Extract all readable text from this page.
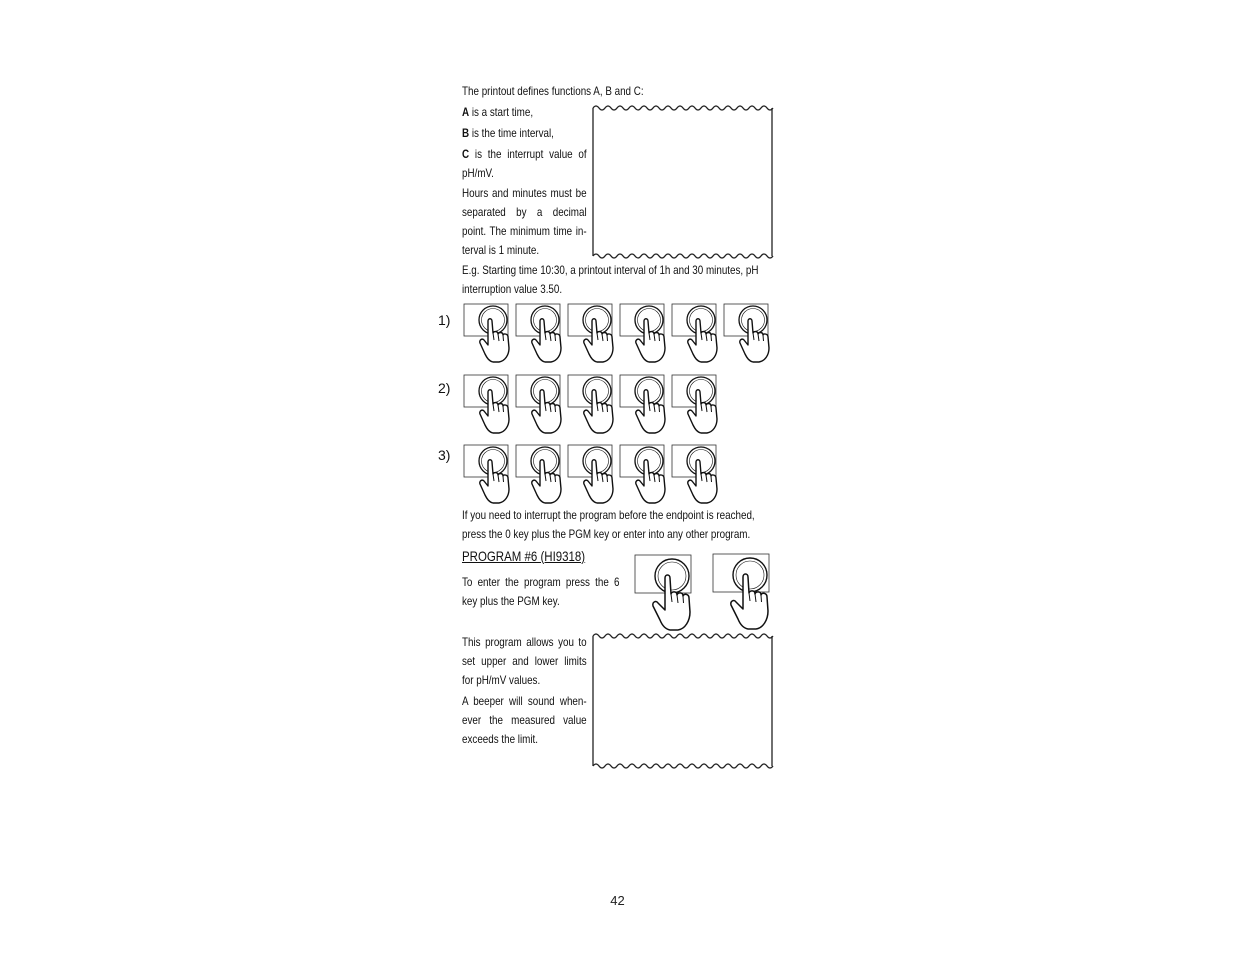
The printout defines functions A, B and C:
A is a start time,
B is the time interval,
C is the interrupt value of
pH/mV.
Hours and minutes must be
separated by a decimal
point. The minimum time in-
terval is 1 minute.
E.g. Starting time 10:30, a printout interval of 1h and 30 minutes, pH
interruption value 3.50.
1)
2)
3)
If you need to interrupt the program before the endpoint is reached,
press the 0 key plus the PGM key or enter into any other program.
PROGRAM #6 (HI9318)
To enter the program press the 6
key plus the PGM key.
This program allows you to
set upper and lower limits
for pH/mV values.
A beeper will sound when-
ever the measured value
exceeds the limit.
42
